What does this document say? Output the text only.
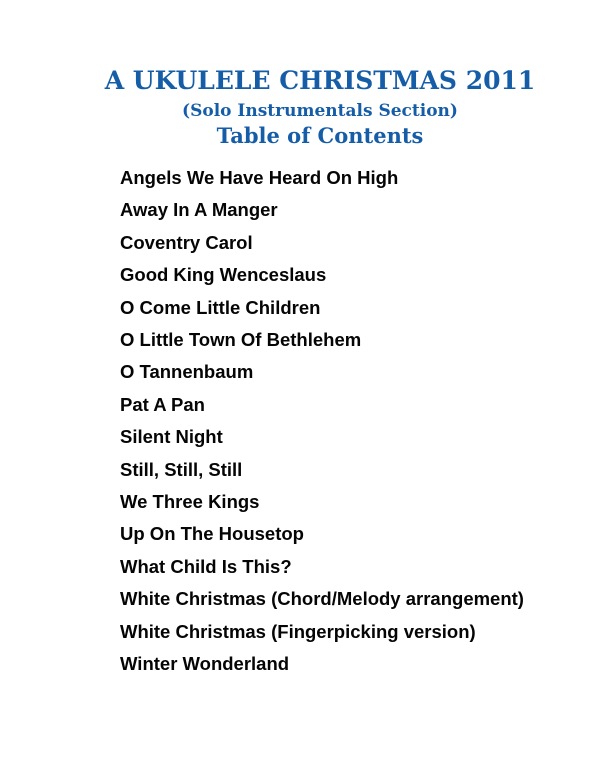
A UKULELE CHRISTMAS 2011
(Solo Instrumentals Section)
Table of Contents
Angels We Have Heard On High
Away In A Manger
Coventry Carol
Good King Wenceslaus
O Come Little Children
O Little Town Of Bethlehem
O Tannenbaum
Pat A Pan
Silent Night
Still, Still, Still
We Three Kings
Up On The Housetop
What Child Is This?
White Christmas (Chord/Melody arrangement)
White Christmas (Fingerpicking version)
Winter Wonderland
